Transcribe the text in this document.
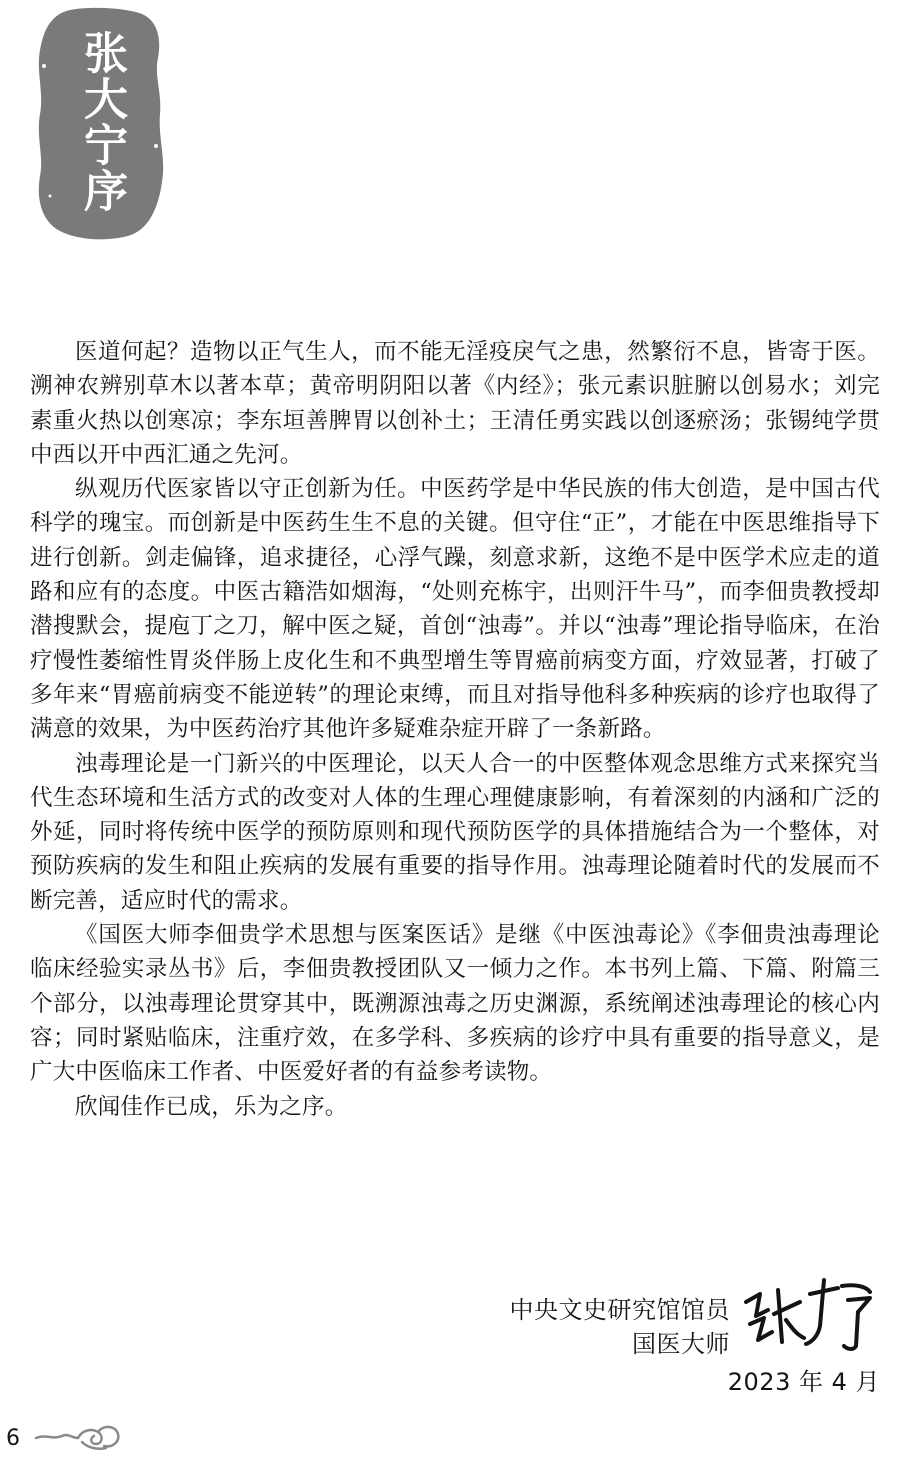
张大宁序

医道何起？造物以正气生人，而不能无淫疫戾气之患，然繁衍不息，皆寄于医。溯神农辨别草木以著本草；黄帝明阴阳以著《内经》；张元素识脏腑以创易水；刘完素重火热以创寒凉；李东垣善脾胃以创补土；王清任勇实践以创逐瘀汤；张锡纯学贯中西以开中西汇通之先河。

纵观历代医家皆以守正创新为任。中医药学是中华民族的伟大创造，是中国古代科学的瑰宝。而创新是中医药生生不息的关键。但守住“正”，才能在中医思维指导下进行创新。剑走偏锋，追求捷径，心浮气躁，刻意求新，这绝不是中医学术应走的道路和应有的态度。中医古籍浩如烟海，“处则充栋宇，出则汗牛马”，而李佃贵教授却潜搜默会，提庖丁之刀，解中医之疑，首创“浊毒”。并以“浊毒”理论指导临床，在治疗慢性萎缩性胃炎伴肠上皮化生和不典型增生等胃癌前病变方面，疗效显著，打破了多年来“胃癌前病变不能逆转”的理论束缚，而且对指导他科多种疾病的诊疗也取得了满意的效果，为中医药治疗其他许多疑难杂症开辟了一条新路。

浊毒理论是一门新兴的中医理论，以天人合一的中医整体观念思维方式来探究当代生态环境和生活方式的改变对人体的生理心理健康影响，有着深刻的内涵和广泛的外延，同时将传统中医学的预防原则和现代预防医学的具体措施结合为一个整体，对预防疾病的发生和阻止疾病的发展有重要的指导作用。浊毒理论随着时代的发展而不断完善，适应时代的需求。

《国医大师李佃贵学术思想与医案医话》是继《中医浊毒论》《李佃贵浊毒理论临床经验实录丛书》后，李佃贵教授团队又一倾力之作。本书列上篇、下篇、附篇三个部分，以浊毒理论贯穿其中，既溯源浊毒之历史渊源，系统阐述浊毒理论的核心内容；同时紧贴临床，注重疗效，在多学科、多疾病的诊疗中具有重要的指导意义，是广大中医临床工作者、中医爱好者的有益参考读物。

欣闻佳作已成，乐为之序。

中央文史研究馆馆员
国医大师
2023 年 4 月
6
